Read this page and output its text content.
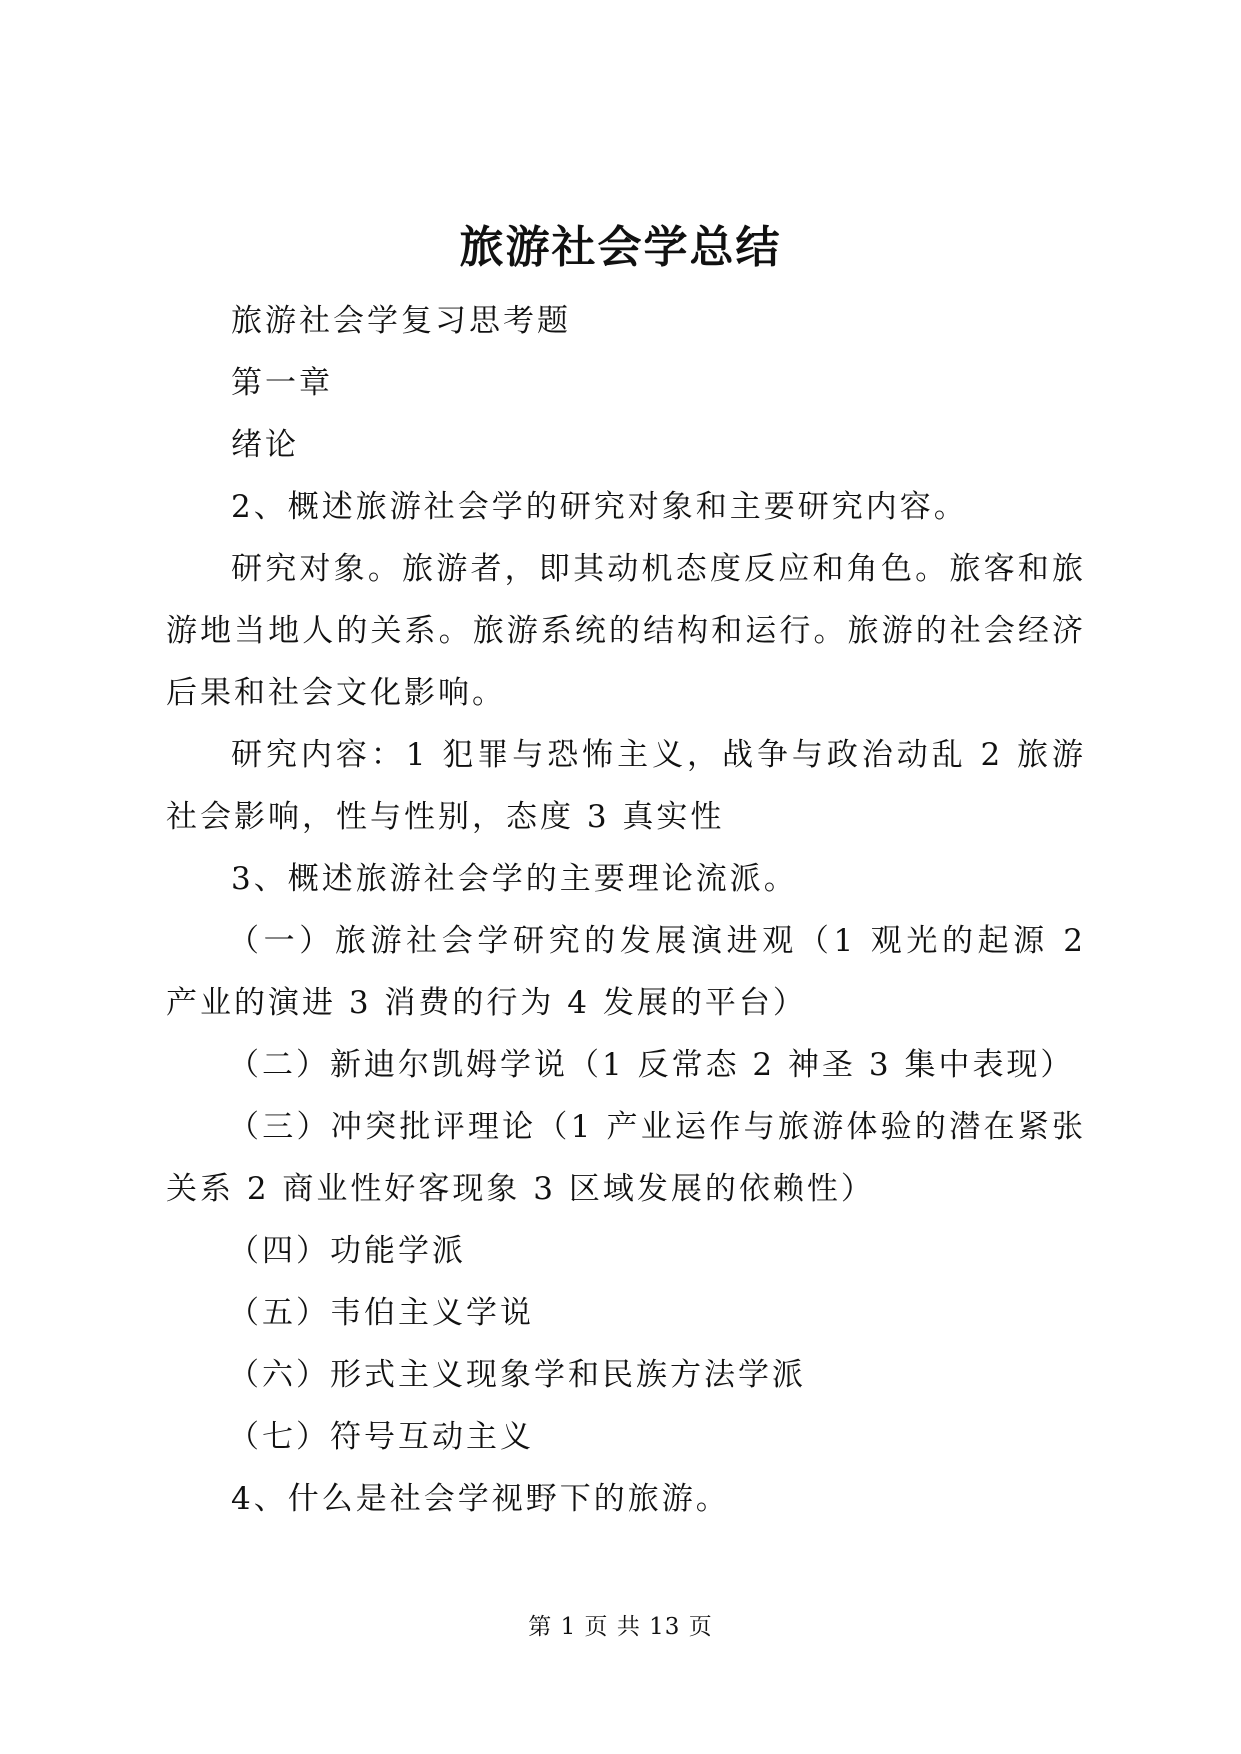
旅游社会学总结

旅游社会学复习思考题

第一章

绪论

2、概述旅游社会学的研究对象和主要研究内容。

研究对象。旅游者，即其动机态度反应和角色。旅客和旅游地当地人的关系。旅游系统的结构和运行。旅游的社会经济后果和社会文化影响。

研究内容：1 犯罪与恐怖主义，战争与政治动乱 2 旅游社会影响，性与性别，态度 3 真实性

3、概述旅游社会学的主要理论流派。

（一）旅游社会学研究的发展演进观（1 观光的起源 2 产业的演进 3 消费的行为 4 发展的平台）

（二）新迪尔凯姆学说（1 反常态 2 神圣 3 集中表现）

（三）冲突批评理论（1 产业运作与旅游体验的潜在紧张关系 2 商业性好客现象 3 区域发展的依赖性）

（四）功能学派

（五）韦伯主义学说

（六）形式主义现象学和民族方法学派

（七）符号互动主义

4、什么是社会学视野下的旅游。

第 1 页 共 13 页
